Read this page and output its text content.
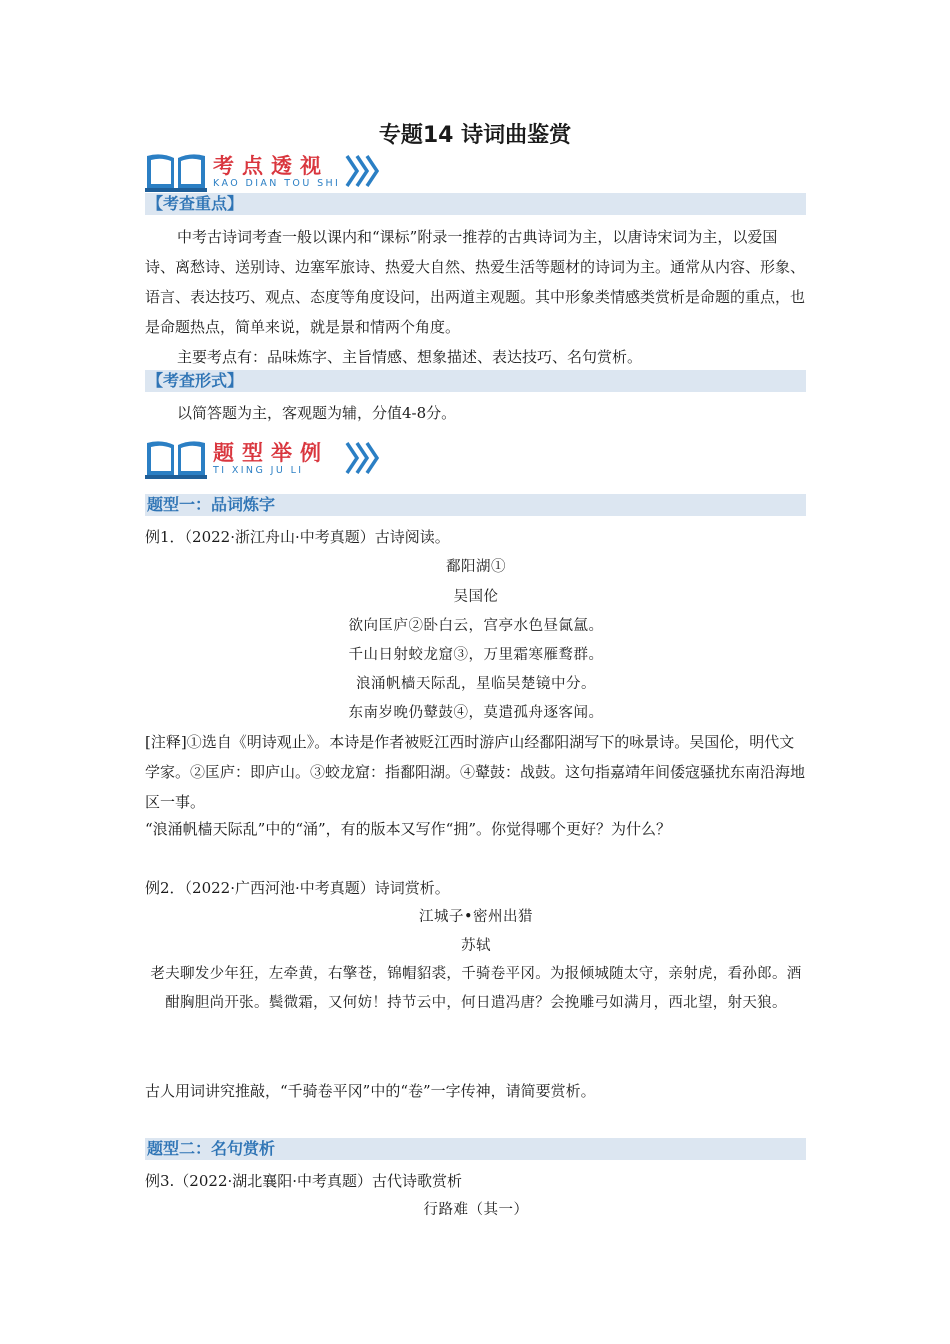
专题14 诗词曲鉴赏
考点透视
KAO DIAN TOU SHI
【考查重点】
中考古诗词考查一般以课内和“课标”附录一推荐的古典诗词为主，以唐诗宋词为主，以爱国诗、离愁诗、送别诗、边塞军旅诗、热爱大自然、热爱生活等题材的诗词为主。通常从内容、形象、语言、表达技巧、观点、态度等角度设问，出两道主观题。其中形象类情感类赏析是命题的重点，也是命题热点，简单来说，就是景和情两个角度。
主要考点有：品味炼字、主旨情感、想象描述、表达技巧、名句赏析。
【考查形式】
以简答题为主，客观题为辅，分值4-8分。
题型举例
TI XING JU LI
题型一：品词炼字
例1．（2022·浙江舟山·中考真题）古诗阅读。
鄱阳湖①
吴国伦
欲向匡庐②卧白云，宫亭水色昼氤氲。
千山日射蛟龙窟③，万里霜寒雁鹜群。
浪涌帆樯天际乱，星临吴楚镜中分。
东南岁晚仍鼙鼓④，莫遣孤舟逐客闻。
[注释]①选自《明诗观止》。本诗是作者被贬江西时游庐山经鄱阳湖写下的咏景诗。吴国伦，明代文学家。②匡庐：即庐山。③蛟龙窟：指鄱阳湖。④鼙鼓：战鼓。这句指嘉靖年间倭寇骚扰东南沿海地区一事。
“浪涌帆樯天际乱”中的“涌”，有的版本又写作“拥”。你觉得哪个更好？为什么？
例2．（2022·广西河池·中考真题）诗词赏析。
江城子•密州出猎
苏轼
老夫聊发少年狂，左牵黄，右擎苍，锦帽貂裘，千骑卷平冈。为报倾城随太守，亲射虎，看孙郎。酒酣胸胆尚开张。鬓微霜，又何妨！持节云中，何日遣冯唐？会挽雕弓如满月，西北望，射天狼。
古人用词讲究推敲，“千骑卷平冈”中的“卷”一字传神，请简要赏析。
题型二：名句赏析
例3.（2022·湖北襄阳·中考真题）古代诗歌赏析
行路难（其一）
